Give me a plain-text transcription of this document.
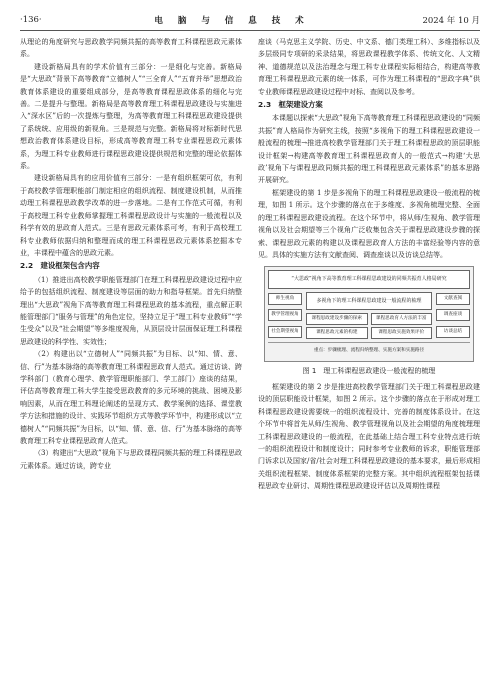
·136·	电 脑 与 信 息 技 术	2024 年 10 月

从理论的角度研究与思政教学同频共振的高等教育工科课程思政元素体系。

建设新格局具有的学术价值有三部分：一是细化与完善。新格局是“大思政”背景下高等教育“立德树人”“三全育人”“五育并举”思想政治教育体系建设的重要组成部分，是高等教育课程思政体系的细化与完善。二是提升与整理。新格局是高等教育理工科课程思政建设与实施进入“深水区”后的一次提炼与整理，为高等教育理工科课程思政建设提供了系统统、应用级的新视角。三是规范与完整。新格局将对标新时代思想政治教育体系建设目标，形成高等教育理工科专业课程思政元素体系，为理工科专业教师进行课程思政建设提供规范和完整的理论依据体系。

建设新格局具有的应用价值有三部分：一是有组织框架可依，有利于高校教学管理职能部门制定相应的组织流程、制度建设机制，从而推动理工科课程思政教学改革的进一步落地。二是有工作范式可循，有利于高校理工科专业教师掌握理工科课程思政设计与实施的一般流程以及科学有效的思政育人范式。三是有思政元素体系可考，有利于高校理工科专业教师依据归纳和整理而成的理工科课程思政元素体系挖掘本专业，丰课程中蕴含的思政元素。

2.2　建设框架包含内容

（1）推进出高校教学职能管理部门在理工科课程思政建设过程中应给予的包括组织流程、制度建设等层面的助力和指导框架。首先归纳整理出“大思政”视角下高等教育理工科课程思政的基本流程，重点解正职能管理部门“服务与管理”的角色定位，坚持立足于“理工科专业教师”“学生受众”以及“社会期望”等多维度视角，从顶层设计层面保证理工科课程思政建设的科学性、实效性；

（2）构建出以“立德树人”“同频共振”为目标、以“知、情、意、信、行”为基本脉络的高等教育理工科课程思政育人范式。通过访谈、跨学科部门（教育心理学、教学管理职能部门、学工部门）座谈的结果，评估高等教育理工科大学生接受思政教育的多元环境的挑战、困境及影响因素，从而在理工科理论阐述的呈现方式、教学案例的选择、课堂教学方法和措施的设计、实践环节组织方式等教学环节中，构建形成以“立德树人”“同频共振”为目标，以“知、情、意、信、行”为基本脉络的高等教育理工科专业课程思政育人范式。

（3）构建出“大思政”视角下与思政课程同频共振的理工科课程思政元素体系。通过访谈，跨专业

座谈（马克思主义学院、历史、中文系、德门类理工科）、多维指标以及多层级同专项研的采录结果，将思政课程教学体系、传统文化、人文精神、道德规范以及法治理念与理工科专业课程实际相结合，构建高等教育理工科课程思政元素的统一体系，可作为理工科课程的“思政字典”供专业教师课程思政建设过程中对标、查阅以及参考。

2.3　框架建设方案

本课题以探索“大思政”视角下高等教育理工科课程思政建设的“同频共振”育人格局作为研究主线，按照“多视角下的理工科课程思政建设一般流程的梳理→推进高校教学管理部门关于理工科课程思政的顶层职能设计框架→构建高等教育理工科课程思政育人的一般范式→构建‘大思政’视角下与课程思政同频共振的理工科课程思政元素体系”的基本思路开展研究。

框架建设的第 1 步是多视角下的理工科课程思政建设一般流程的梳理，如图 1 所示。这个步骤的落点在于多维度、多视角梳理完整、全面的理工科课程思政建设流程。在这个环节中，将从师/生视角、教学管理视角以及社会期望等三个视角广泛收集包含关于课程思政建设步骤的探索、课程思政元素的构建以及课程思政育人方法的丰富经验等内容的意见。具体的实施方法有文献查阅、调查座谈以及访谈总结等。

“大思政”视角下高等教育理工科课程思政建设的同频共振育人格局研究
师生视角
教学管理视角
社会期望视角
多视角下的理工科课程思政建设一般流程的梳理
课程思政建设步骤的探索
课程思政元素的构建
课程思政育人方法的丰富
课程思政实施效果评价
文献查阅
调查座谈
访谈总结
重点：步骤梳理、流程归纳整理、实施方案和实施路径
图 1　理工科课程思政建设一般流程的梳理

框架建设的第 2 步是推进高校教学管理部门关于理工科课程思政建设的顶层职能设计框架，如图 2 所示。这个步骤的落点在于形成对理工科课程思政建设需要统一的组织流程设计、完善的制度体系设计。在这个环节中将首先从师/生视角、教学管理视角以及社会期望的角度梳理理工科课程思政建设的一般流程，在此基础上结合理工科专业特点进行统一的组织流程设计和制度设计；同时参考专业教师的诉求，职能管理部门诉求以及国家/省/社会对理工科课程思政建设的基本要求，最后形成相关组织流程框架、制度体系框架的完整方案。其中组织流程框架包括课程思政专业研讨、周期性课程思政建设评估以及周期性课程
